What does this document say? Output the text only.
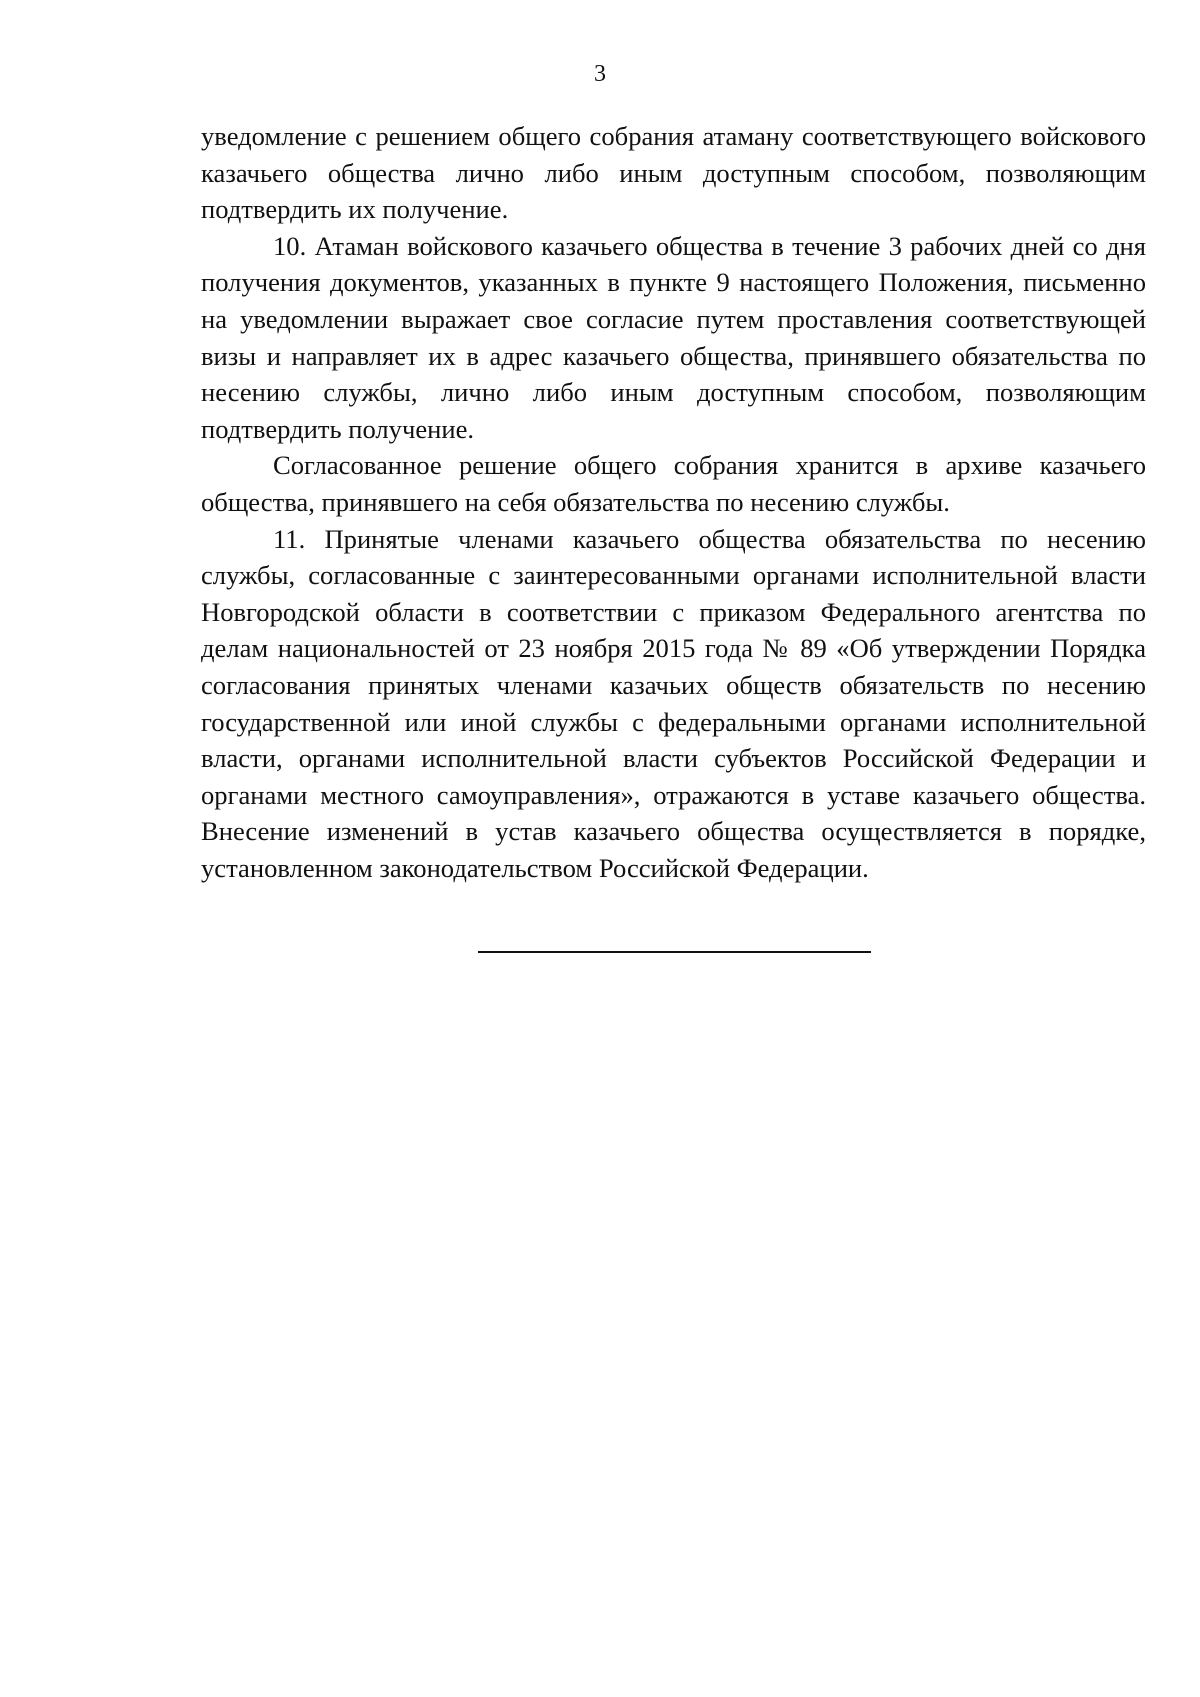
3

уведомление с решением общего собрания атаману соответствующего войскового казачьего общества лично либо иным доступным способом, позволяющим подтвердить их получение.

10. Атаман войскового казачьего общества в течение 3 рабочих дней со дня получения документов, указанных в пункте 9 настоящего Положения, письменно на уведомлении выражает свое согласие путем проставления соответствующей визы и направляет их в адрес казачьего общества, принявшего обязательства по несению службы, лично либо иным доступным способом, позволяющим подтвердить получение.

Согласованное решение общего собрания хранится в архиве казачьего общества, принявшего на себя обязательства по несению службы.

11. Принятые членами казачьего общества обязательства по несению службы, согласованные с заинтересованными органами исполнительной власти Новгородской области в соответствии с приказом Федерального агентства по делам национальностей от 23 ноября 2015 года № 89 «Об утверждении Порядка согласования принятых членами казачьих обществ обязательств по несению государственной или иной службы с федеральными органами исполнительной власти, органами исполнительной власти субъектов Российской Федерации и органами местного самоуправления», отражаются в уставе казачьего общества. Внесение изменений в устав казачьего общества осуществляется в порядке, установленном законодательством Российской Федерации.
